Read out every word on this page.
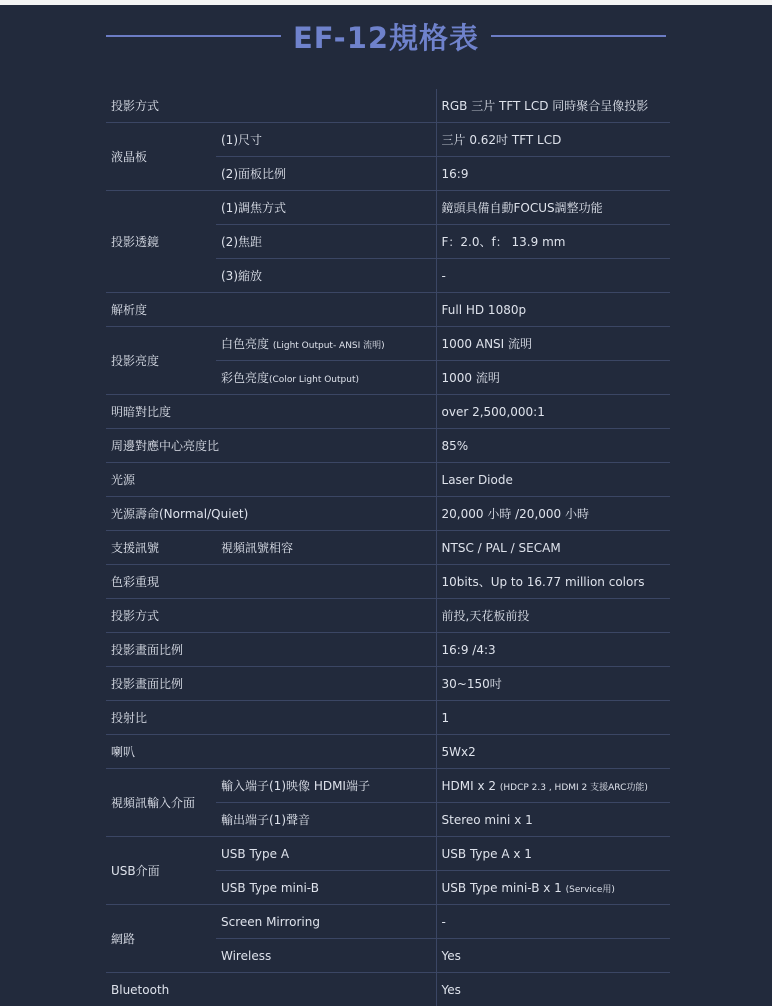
EF-12規格表
投影方式		RGB 三片 TFT LCD 同時聚合呈像投影
液晶板	(1)尺寸	三片 0.62吋 TFT LCD
	(2)面板比例	16:9
投影透鏡	(1)調焦方式	鏡頭具備自動FOCUS調整功能
	(2)焦距	F：2.0、f： 13.9 mm
	(3)縮放	-
解析度		Full HD 1080p
投影亮度	白色亮度 (Light Output- ANSI 流明)	1000 ANSI 流明
	彩色亮度(Color Light Output)	1000 流明
明暗對比度		over 2,500,000:1
周邊對應中心亮度比		85%
光源		Laser Diode
光源壽命(Normal/Quiet)		20,000 小時 /20,000 小時
支援訊號	視頻訊號相容	NTSC / PAL / SECAM
色彩重現		10bits、Up to 16.77 million colors
投影方式		前投,天花板前投
投影畫面比例		16:9 /4:3
投影畫面比例		30~150吋
投射比		1
喇叭		5Wx2
視頻訊輸入介面	輸入端子(1)映像 HDMI端子	HDMI x 2 (HDCP 2.3 , HDMI 2 支援ARC功能)
	輸出端子(1)聲音	Stereo mini x 1
USB介面	USB Type A	USB Type A x 1
	USB Type mini-B	USB Type mini-B x 1 (Service用)
網路	Screen Mirroring	-
	Wireless	Yes
Bluetooth		Yes
